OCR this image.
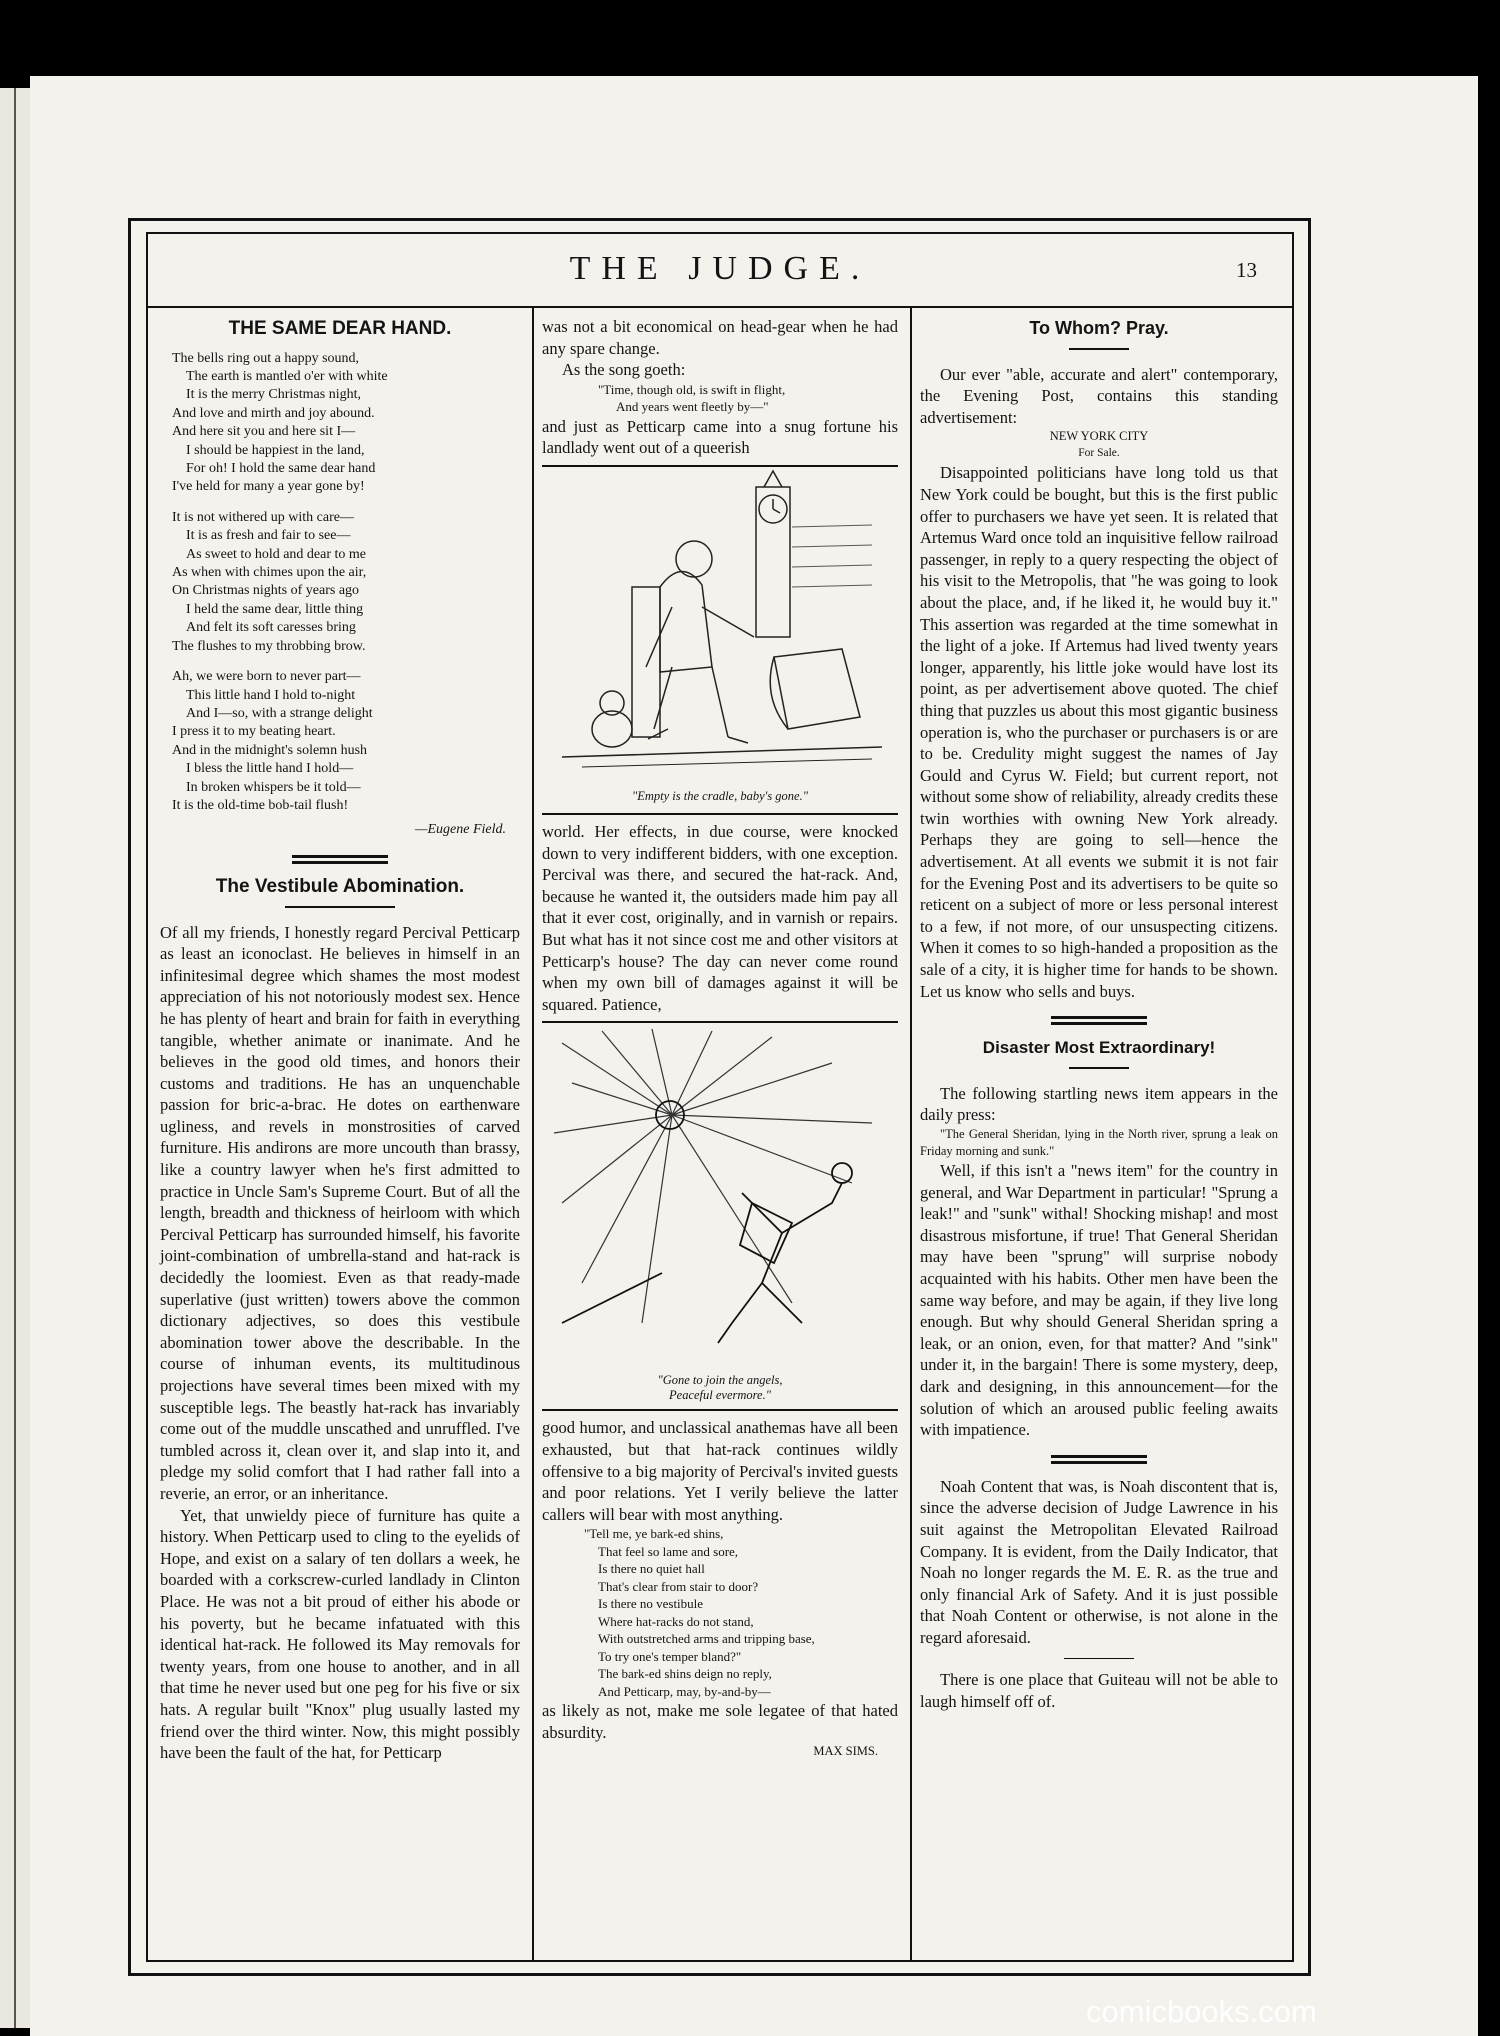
THE JUDGE.	13
THE SAME DEAR HAND.
The bells ring out a happy sound,
The earth is mantled o'er with white
It is the merry Christmas night,
And love and mirth and joy abound.
And here sit you and here sit I—
I should be happiest in the land,
For oh! I hold the same dear hand
I've held for many a year gone by!
It is not withered up with care—
It is as fresh and fair to see—
As sweet to hold and dear to me
As when with chimes upon the air,
On Christmas nights of years ago
I held the same dear, little thing
And felt its soft caresses bring
The flushes to my throbbing brow.
Ah, we were born to never part—
This little hand I hold to-night
And I—so, with a strange delight
I press it to my beating heart.
And in the midnight's solemn hush
I bless the little hand I hold—
In broken whispers be it told—
It is the old-time bob-tail flush!
—Eugene Field.
The Vestibule Abomination.

Of all my friends, I honestly regard Percival Petticarp as least an iconoclast. He believes in himself in an infinitesimal degree which shames the most modest appreciation of his not notoriously modest sex. Hence he has plenty of heart and brain for faith in everything tangible, whether animate or inanimate. And he believes in the good old times, and honors their customs and traditions. He has an unquenchable passion for bric-a-brac. He dotes on earthenware ugliness, and revels in monstrosities of carved furniture. His andirons are more uncouth than brassy, like a country lawyer when he's first admitted to practice in Uncle Sam's Supreme Court. But of all the length, breadth and thickness of heirloom with which Percival Petticarp has surrounded himself, his favorite joint-combination of umbrella-stand and hat-rack is decidedly the loomiest. Even as that ready-made superlative (just written) towers above the common dictionary adjectives, so does this vestibule abomination tower above the describable. In the course of inhuman events, its multitudinous projections have several times been mixed with my susceptible legs. The beastly hat-rack has invariably come out of the muddle unscathed and unruffled. I've tumbled across it, clean over it, and slap into it, and pledge my solid comfort that I had rather fall into a reverie, an error, or an inheritance.

Yet, that unwieldy piece of furniture has quite a history. When Petticarp used to cling to the eyelids of Hope, and exist on a salary of ten dollars a week, he boarded with a corkscrew-curled landlady in Clinton Place. He was not a bit proud of either his abode or his poverty, but he became infatuated with this identical hat-rack. He followed its May removals for twenty years, from one house to another, and in all that time he never used but one peg for his five or six hats. A regular built "Knox" plug usually lasted my friend over the third winter. Now, this might possibly have been the fault of the hat, for Petticarp

was not a bit economical on head-gear when he had any spare change.

As the song goeth:

"Time, though old, is swift in flight,
And years went fleetly by—"

and just as Petticarp came into a snug fortune his landlady went out of a queerish

"Empty is the cradle, baby's gone."

world. Her effects, in due course, were knocked down to very indifferent bidders, with one exception. Percival was there, and secured the hat-rack. And, because he wanted it, the outsiders made him pay all that it ever cost, originally, and in varnish or repairs. But what has it not since cost me and other visitors at Petticarp's house? The day can never come round when my own bill of damages against it will be squared. Patience,

"Gone to join the angels,
Peaceful evermore."

good humor, and unclassical anathemas have all been exhausted, but that hat-rack continues wildly offensive to a big majority of Percival's invited guests and poor relations. Yet I verily believe the latter callers will bear with most anything.

"Tell me, ye bark-ed shins,
That feel so lame and sore,
Is there no quiet hall
That's clear from stair to door?
Is there no vestibule
Where hat-racks do not stand,
With outstretched arms and tripping base,
To try one's temper bland?"
The bark-ed shins deign no reply,
And Petticarp, may, by-and-by—

as likely as not, make me sole legatee of that hated absurdity.

MAX SIMS.
To Whom? Pray.

Our ever "able, accurate and alert" contemporary, the Evening Post, contains this standing advertisement:

NEW YORK CITY
For Sale.

Disappointed politicians have long told us that New York could be bought, but this is the first public offer to purchasers we have yet seen. It is related that Artemus Ward once told an inquisitive fellow railroad passenger, in reply to a query respecting the object of his visit to the Metropolis, that "he was going to look about the place, and, if he liked it, he would buy it." This assertion was regarded at the time somewhat in the light of a joke. If Artemus had lived twenty years longer, apparently, his little joke would have lost its point, as per advertisement above quoted. The chief thing that puzzles us about this most gigantic business operation is, who the purchaser or purchasers is or are to be. Credulity might suggest the names of Jay Gould and Cyrus W. Field; but current report, not without some show of reliability, already credits these twin worthies with owning New York already. Perhaps they are going to sell—hence the advertisement. At all events we submit it is not fair for the Evening Post and its advertisers to be quite so reticent on a subject of more or less personal interest to a few, if not more, of our unsuspecting citizens. When it comes to so high-handed a proposition as the sale of a city, it is higher time for hands to be shown. Let us know who sells and buys.

Disaster Most Extraordinary!

The following startling news item appears in the daily press:

"The General Sheridan, lying in the North river, sprung a leak on Friday morning and sunk."

Well, if this isn't a "news item" for the country in general, and War Department in particular! "Sprung a leak!" and "sunk" withal! Shocking mishap! and most disastrous misfortune, if true! That General Sheridan may have been "sprung" will surprise nobody acquainted with his habits. Other men have been the same way before, and may be again, if they live long enough. But why should General Sheridan spring a leak, or an onion, even, for that matter? And "sink" under it, in the bargain! There is some mystery, deep, dark and designing, in this announcement—for the solution of which an aroused public feeling awaits with impatience.

Noah Content that was, is Noah discontent that is, since the adverse decision of Judge Lawrence in his suit against the Metropolitan Elevated Railroad Company. It is evident, from the Daily Indicator, that Noah no longer regards the M. E. R. as the true and only financial Ark of Safety. And it is just possible that Noah Content or otherwise, is not alone in the regard aforesaid.

There is one place that Guiteau will not be able to laugh himself off of.

comicbooks.com
